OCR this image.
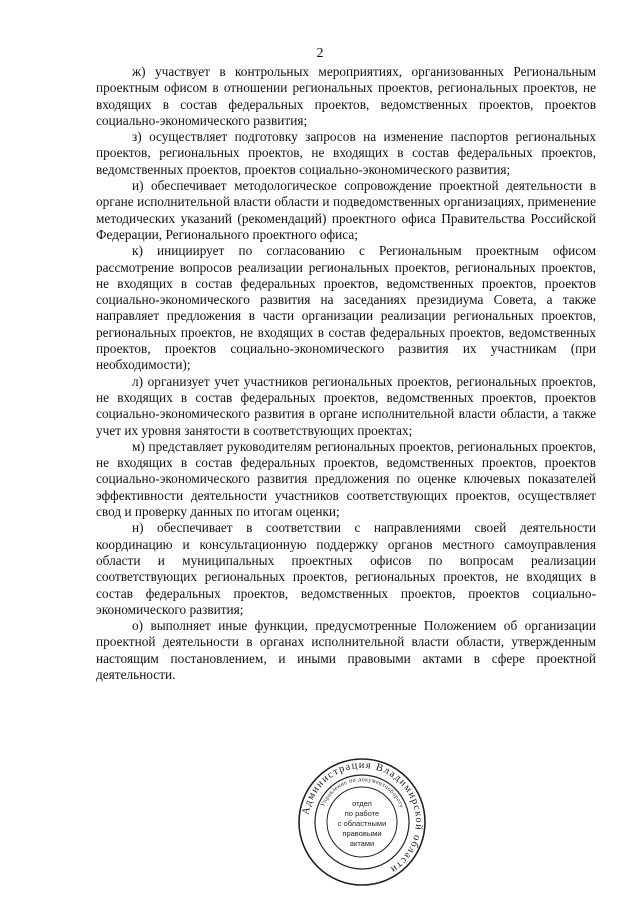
2

ж) участвует в контрольных мероприятиях, организованных Региональным проектным офисом в отношении региональных проектов, региональных проектов, не входящих в состав федеральных проектов, ведомственных проектов, проектов социально-экономического развития;

з) осуществляет подготовку запросов на изменение паспортов региональных проектов, региональных проектов, не входящих в состав федеральных проектов, ведомственных проектов, проектов социально-экономического развития;

и) обеспечивает методологическое сопровождение проектной деятельности в органе исполнительной власти области и подведомственных организациях, применение методических указаний (рекомендаций) проектного офиса Правительства Российской Федерации, Регионального проектного офиса;

к) инициирует по согласованию с Региональным проектным офисом рассмотрение вопросов реализации региональных проектов, региональных проектов, не входящих в состав федеральных проектов, ведомственных проектов, проектов социально-экономического развития на заседаниях президиума Совета, а также направляет предложения в части организации реализации региональных проектов, региональных проектов, не входящих в состав федеральных проектов, ведомственных проектов, проектов социально-экономического развития их участникам (при необходимости);

л) организует учет участников региональных проектов, региональных проектов, не входящих в состав федеральных проектов, ведомственных проектов, проектов социально-экономического развития в органе исполнительной власти области, а также учет их уровня занятости в соответствующих проектах;

м) представляет руководителям региональных проектов, региональных проектов, не входящих в состав федеральных проектов, ведомственных проектов, проектов социально-экономического развития предложения по оценке ключевых показателей эффективности деятельности участников соответствующих проектов, осуществляет свод и проверку данных по итогам оценки;

н) обеспечивает в соответствии с направлениями своей деятельности координацию и консультационную поддержку органов местного самоуправления области и муниципальных проектных офисов по вопросам реализации соответствующих региональных проектов, региональных проектов, не входящих в состав федеральных проектов, ведомственных проектов, проектов социально-экономического развития;

о) выполняет иные функции, предусмотренные Положением об организации проектной деятельности в органах исполнительной власти области, утвержденным настоящим постановлением, и иными правовыми актами в сфере проектной деятельности.

Администрация Владимирской области
Управление по документообороту
отдел
по работе
с областными
правовыми
актами
